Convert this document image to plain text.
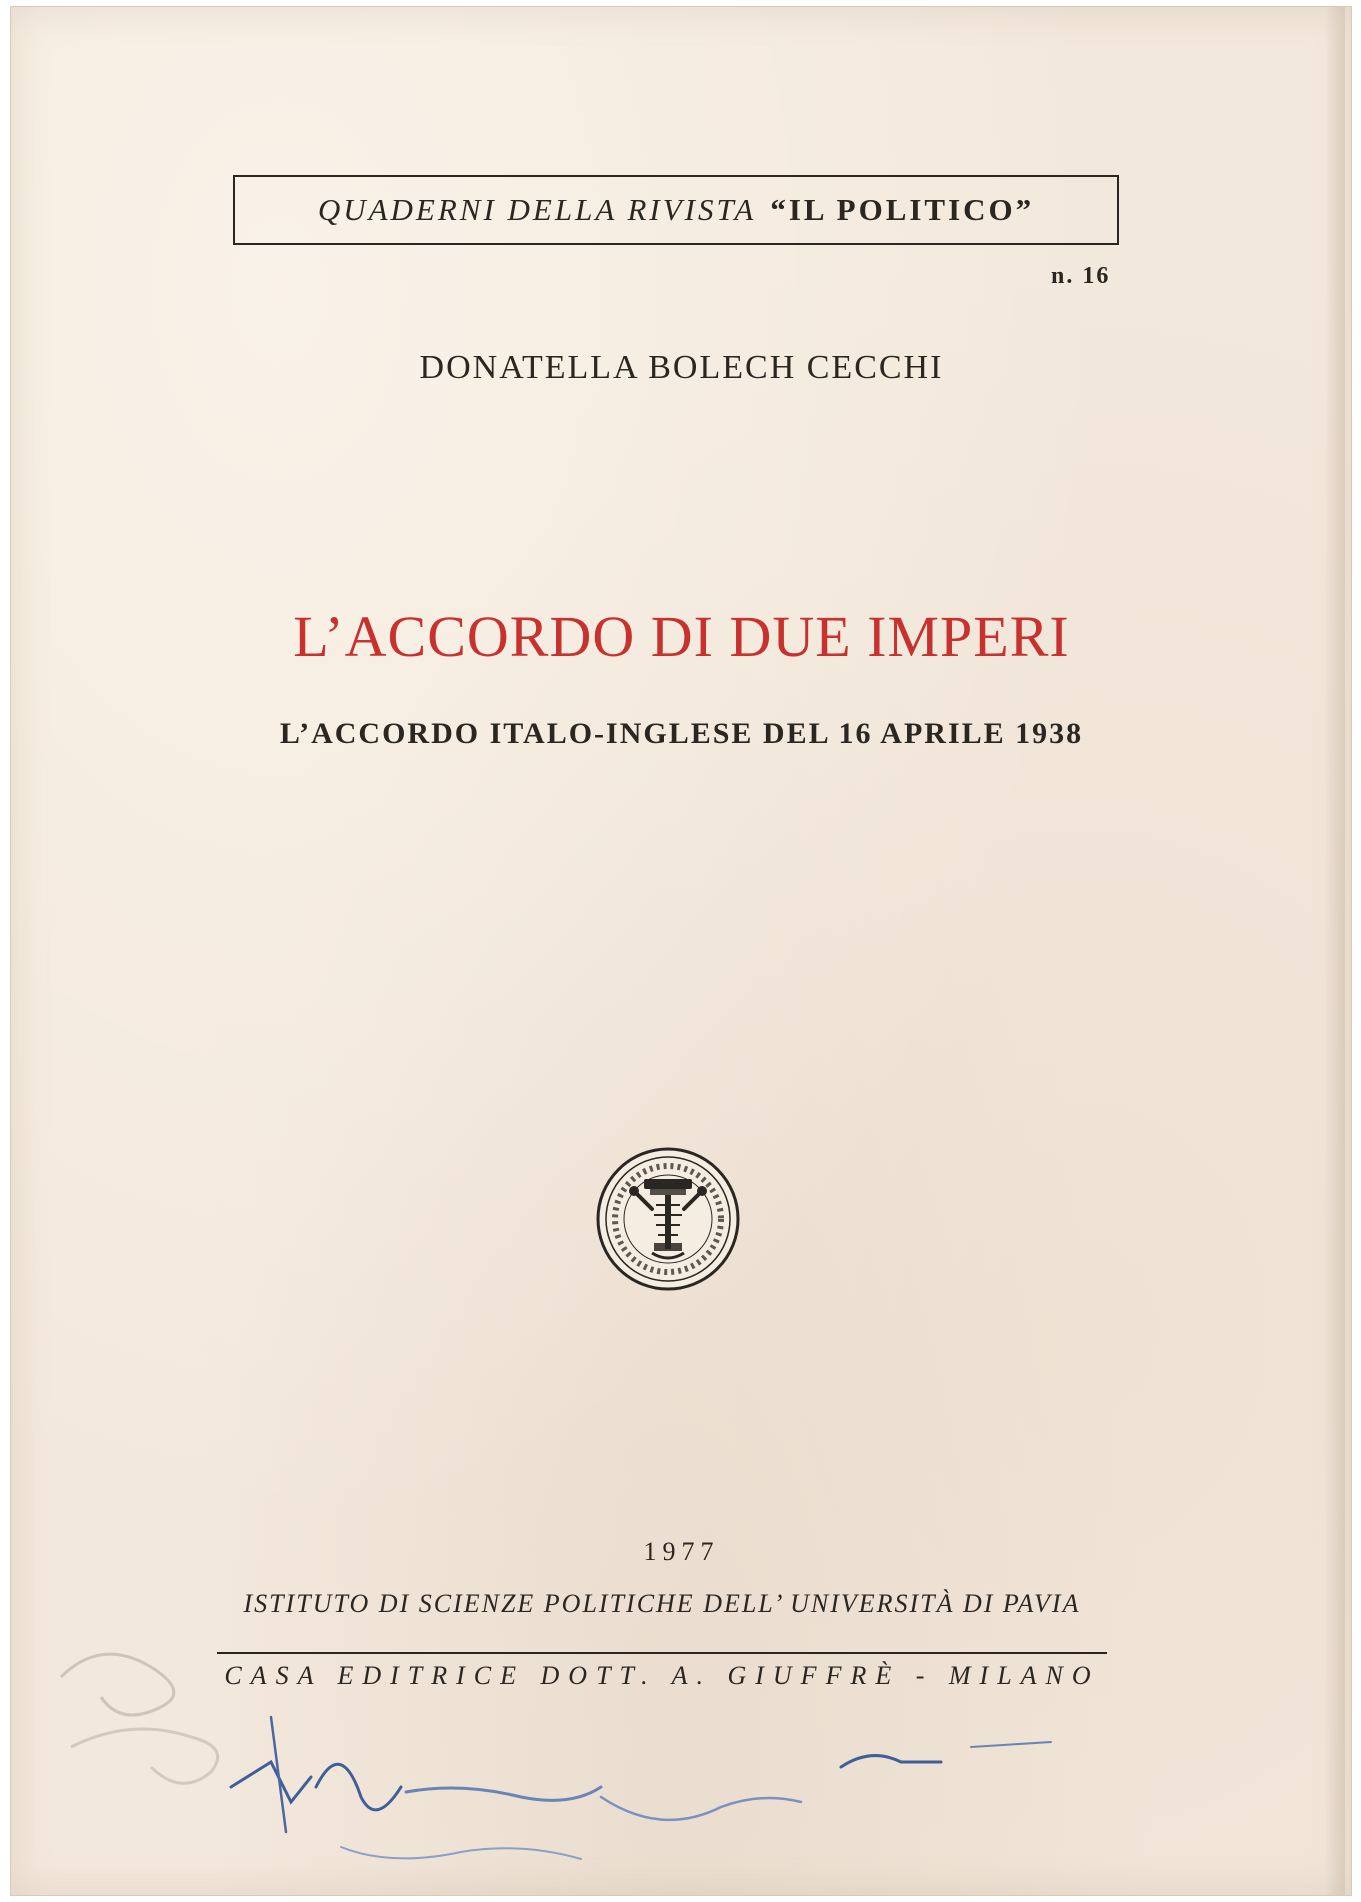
QUADERNI DELLA RIVISTA “IL POLITICO”
n. 16
DONATELLA BOLECH CECCHI
L’ACCORDO DI DUE IMPERI
L’ACCORDO ITALO-INGLESE DEL 16 APRILE 1938
1977
ISTITUTO DI SCIENZE POLITICHE DELL’ UNIVERSITÀ DI PAVIA
CASA EDITRICE DOTT. A. GIUFFRÈ - MILANO
